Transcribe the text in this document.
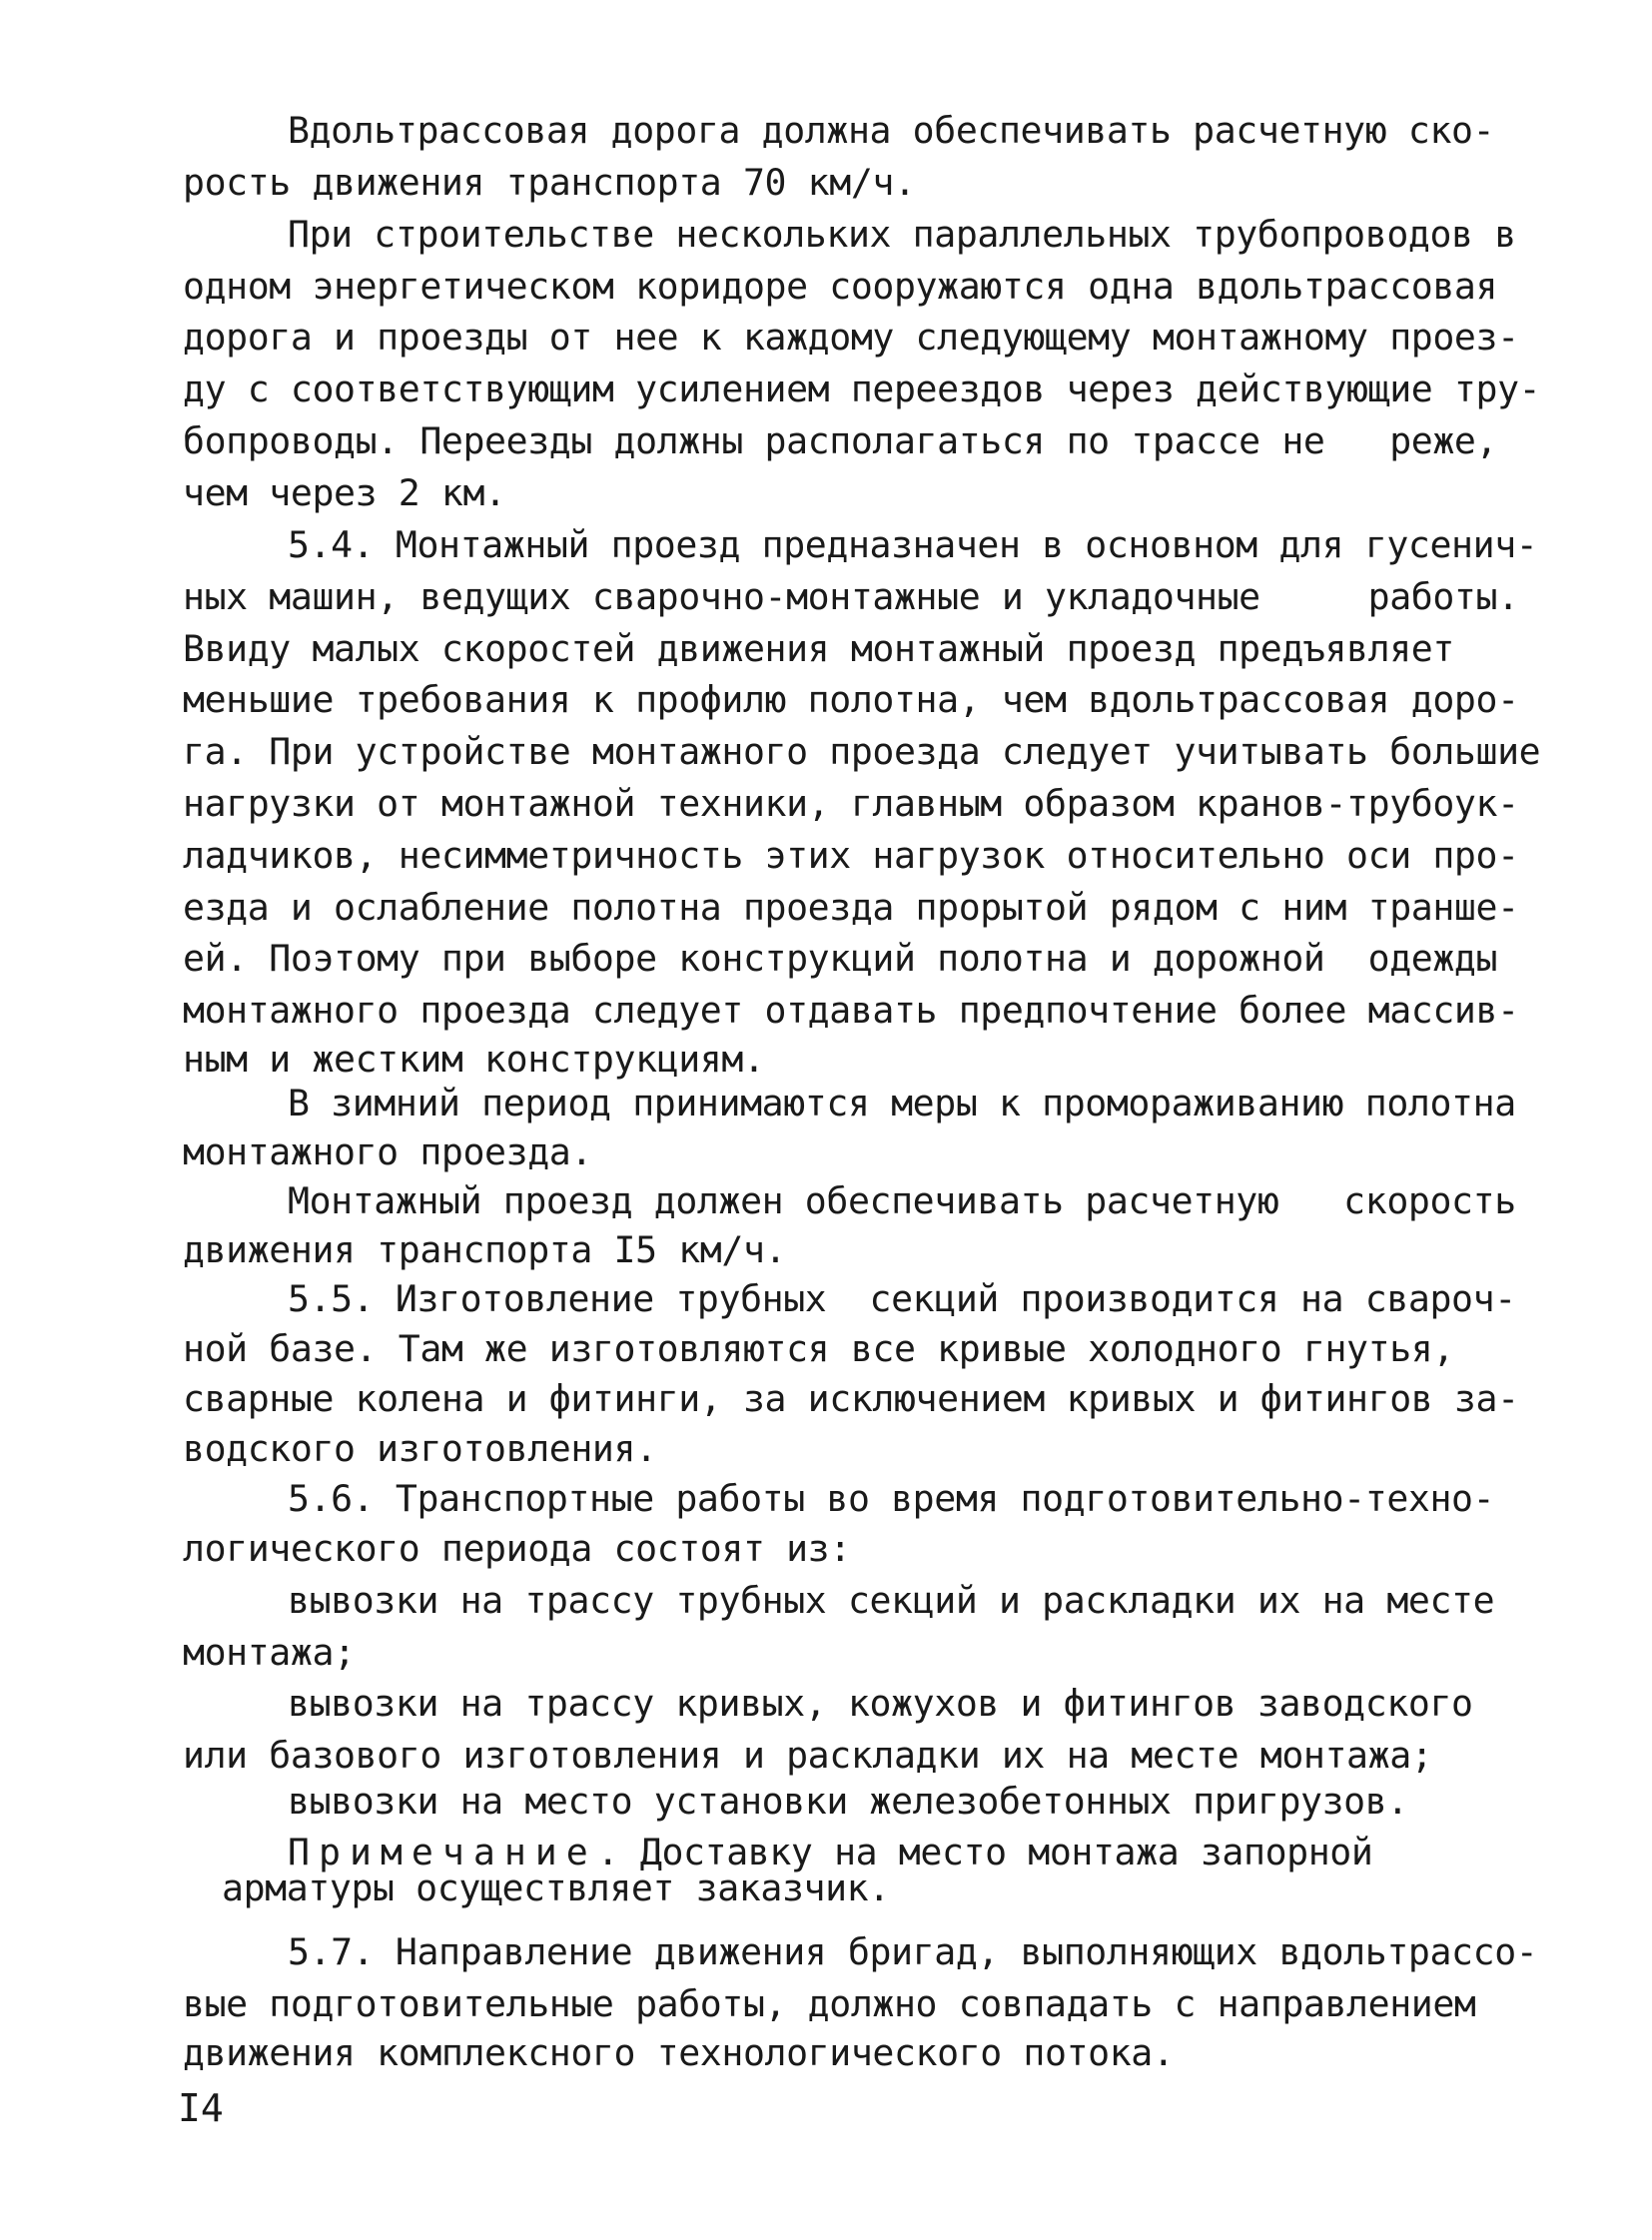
Вдольтрассовая дорога должна обеспечивать расчетную ско-
рость движения транспорта 70 км/ч.
При строительстве нескольких параллельных трубопроводов в
одном энергетическом коридоре сооружаются одна вдольтрассовая
дорога и проезды от нее к каждому следующему монтажному проез-
ду с соответствующим усилением переездов через действующие тру-
бопроводы. Переезды должны располагаться по трассе не   реже,
чем через 2 км.
5.4. Монтажный проезд предназначен в основном для гусенич-
ных машин, ведущих сварочно-монтажные и укладочные     работы.
Ввиду малых скоростей движения монтажный проезд предъявляет
меньшие требования к профилю полотна, чем вдольтрассовая доро-
га. При устройстве монтажного проезда следует учитывать большие
нагрузки от монтажной техники, главным образом кранов-трубоук-
ладчиков, несимметричность этих нагрузок относительно оси про-
езда и ослабление полотна проезда прорытой рядом с ним транше-
ей. Поэтому при выборе конструкций полотна и дорожной  одежды
монтажного проезда следует отдавать предпочтение более массив-
ным и жестким конструкциям.
В зимний период принимаются меры к промораживанию полотна
монтажного проезда.
Монтажный проезд должен обеспечивать расчетную   скорость
движения транспорта I5 км/ч.
5.5. Изготовление трубных  секций производится на свароч-
ной базе. Там же изготовляются все кривые холодного гнутья,
сварные колена и фитинги, за исключением кривых и фитингов за-
водского изготовления.
5.6. Транспортные работы во время подготовительно-техно-
логического периода состоят из:
вывозки на трассу трубных секций и раскладки их на месте
монтажа;
вывозки на трассу кривых, кожухов и фитингов заводского
или базового изготовления и раскладки их на месте монтажа;
вывозки на место установки железобетонных пригрузов.
Примечание. Доставку на место монтажа запорной
арматуры осуществляет заказчик.
5.7. Направление движения бригад, выполняющих вдольтрассо-
вые подготовительные работы, должно совпадать с направлением
движения комплексного технологического потока.
I4
